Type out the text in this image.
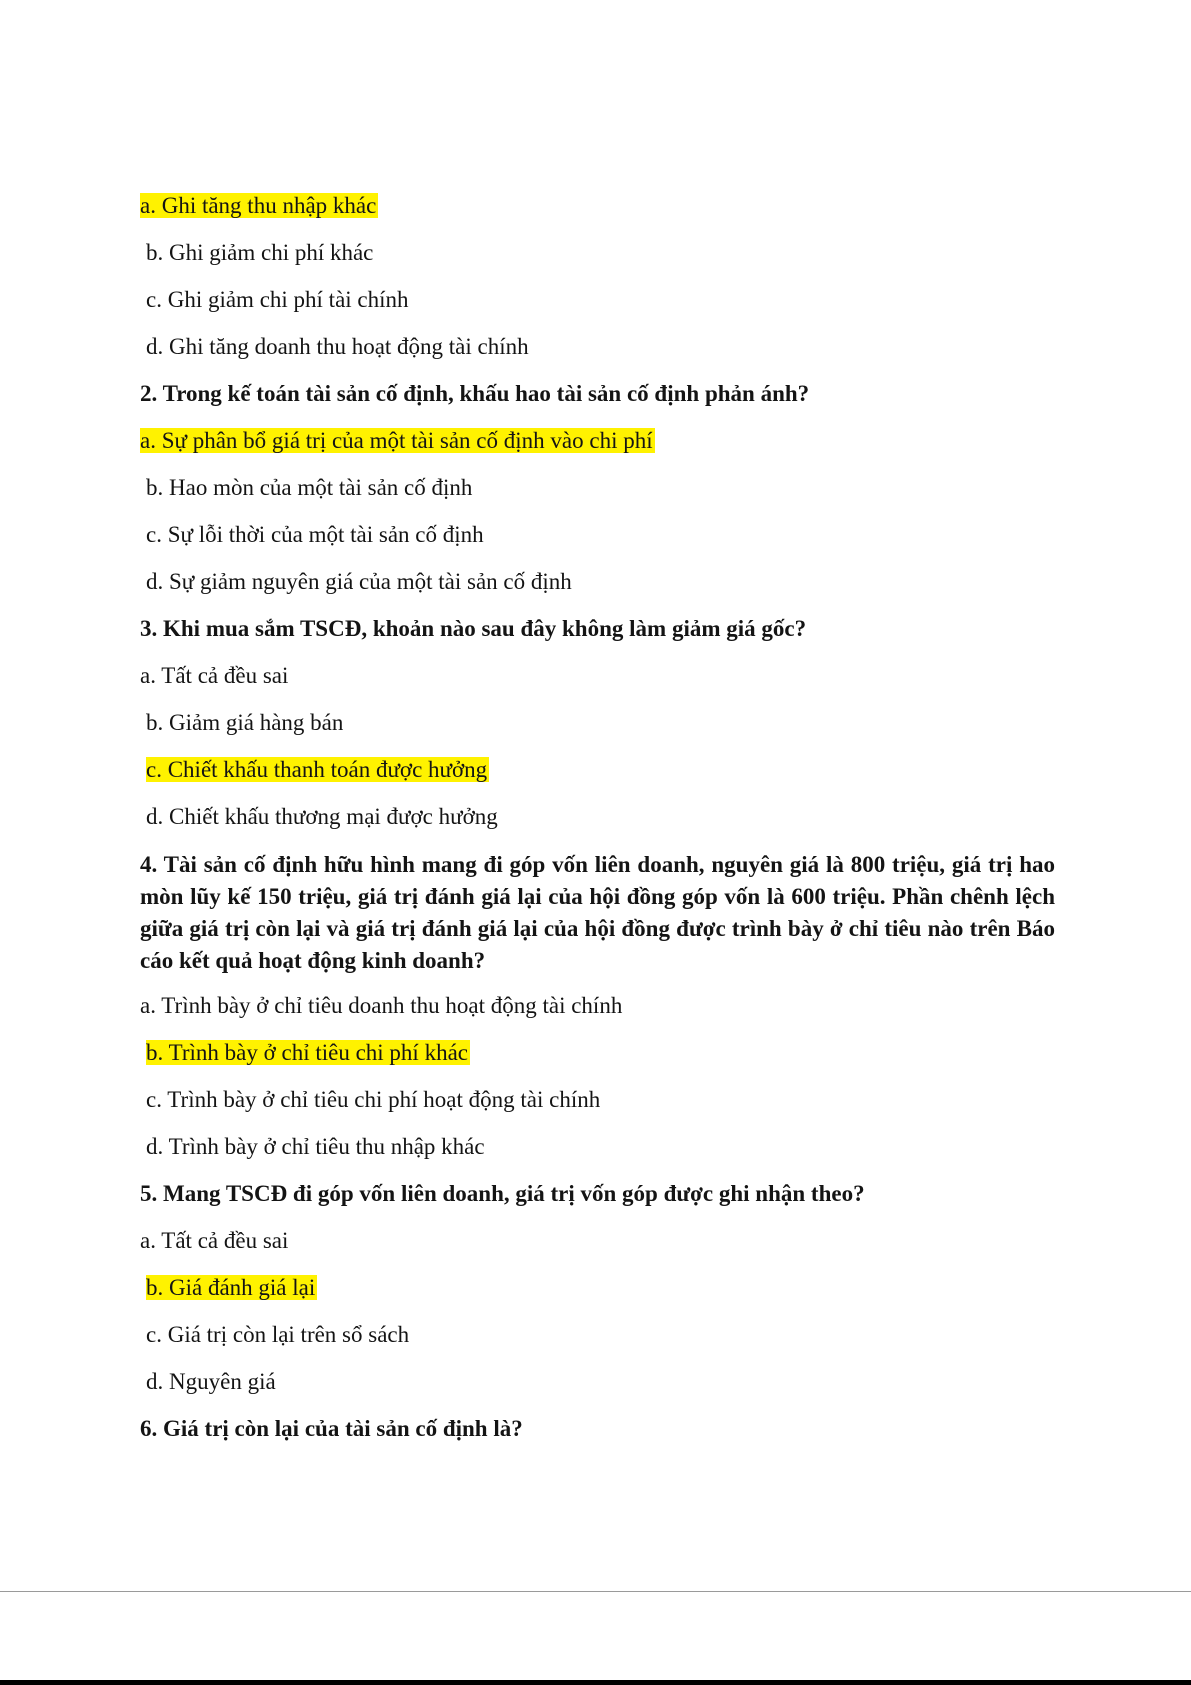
a. Ghi tăng thu nhập khác
b. Ghi giảm chi phí khác
c. Ghi giảm chi phí tài chính
d. Ghi tăng doanh thu hoạt động tài chính
2. Trong kế toán tài sản cố định, khấu hao tài sản cố định phản ánh?
a. Sự phân bổ giá trị của một tài sản cố định vào chi phí
b. Hao mòn của một tài sản cố định
c. Sự lỗi thời của một tài sản cố định
d. Sự giảm nguyên giá của một tài sản cố định
3. Khi mua sắm TSCĐ, khoản nào sau đây không làm giảm giá gốc?
a. Tất cả đều sai
b. Giảm giá hàng bán
c. Chiết khấu thanh toán được hưởng
d. Chiết khấu thương mại được hưởng
4. Tài sản cố định hữu hình mang đi góp vốn liên doanh, nguyên giá là 800 triệu, giá trị hao mòn lũy kế 150 triệu, giá trị đánh giá lại của hội đồng góp vốn là 600 triệu. Phần chênh lệch giữa giá trị còn lại và giá trị đánh giá lại của hội đồng được trình bày ở chỉ tiêu nào trên Báo cáo kết quả hoạt động kinh doanh?
a. Trình bày ở chỉ tiêu doanh thu hoạt động tài chính
b. Trình bày ở chỉ tiêu chi phí khác
c. Trình bày ở chỉ tiêu chi phí hoạt động tài chính
d. Trình bày ở chỉ tiêu thu nhập khác
5. Mang TSCĐ đi góp vốn liên doanh, giá trị vốn góp được ghi nhận theo?
a. Tất cả đều sai
b. Giá đánh giá lại
c. Giá trị còn lại trên sổ sách
d. Nguyên giá
6. Giá trị còn lại của tài sản cố định là?
